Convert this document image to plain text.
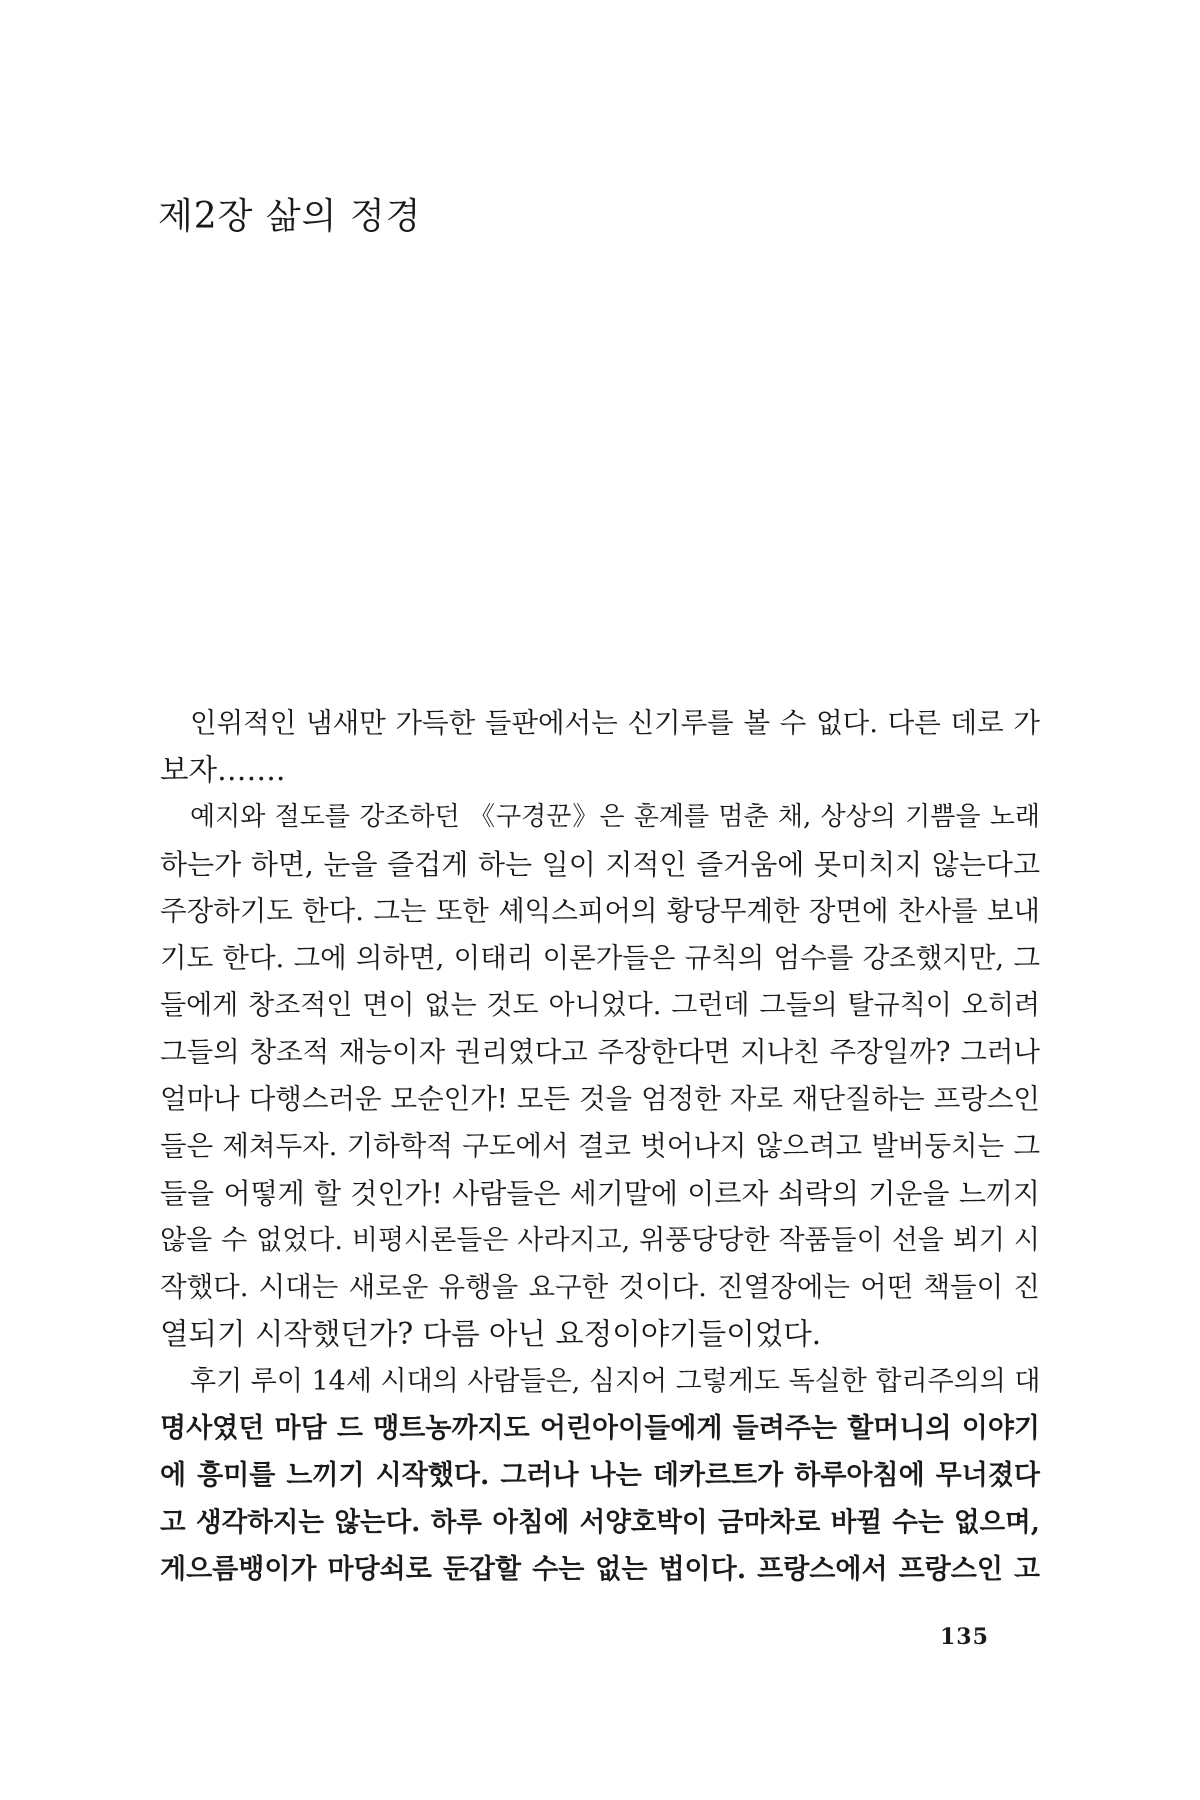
제2장 삶의 정경

인위적인 냄새만 가득한 들판에서는 신기루를 볼 수 없다. 다른 데로 가
보자…….

예지와 절도를 강조하던 《구경꾼》은 훈계를 멈춘 채, 상상의 기쁨을 노래
하는가 하면, 눈을 즐겁게 하는 일이 지적인 즐거움에 못미치지 않는다고
주장하기도 한다. 그는 또한 셰익스피어의 황당무계한 장면에 찬사를 보내
기도 한다. 그에 의하면, 이태리 이론가들은 규칙의 엄수를 강조했지만, 그
들에게 창조적인 면이 없는 것도 아니었다. 그런데 그들의 탈규칙이 오히려
그들의 창조적 재능이자 권리였다고 주장한다면 지나친 주장일까? 그러나
얼마나 다행스러운 모순인가! 모든 것을 엄정한 자로 재단질하는 프랑스인
들은 제쳐두자. 기하학적 구도에서 결코 벗어나지 않으려고 발버둥치는 그
들을 어떻게 할 것인가! 사람들은 세기말에 이르자 쇠락의 기운을 느끼지
않을 수 없었다. 비평시론들은 사라지고, 위풍당당한 작품들이 선을 뵈기 시
작했다. 시대는 새로운 유행을 요구한 것이다. 진열장에는 어떤 책들이 진
열되기 시작했던가? 다름 아닌 요정이야기들이었다.

후기 루이 14세 시대의 사람들은, 심지어 그렇게도 독실한 합리주의의 대
명사였던 마담 드 맹트농까지도 어린아이들에게 들려주는 할머니의 이야기
에 흥미를 느끼기 시작했다. 그러나 나는 데카르트가 하루아침에 무너졌다
고 생각하지는 않는다. 하루 아침에 서양호박이 금마차로 바뀔 수는 없으며,
게으름뱅이가 마당쇠로 둔갑할 수는 없는 법이다. 프랑스에서 프랑스인 고

135
